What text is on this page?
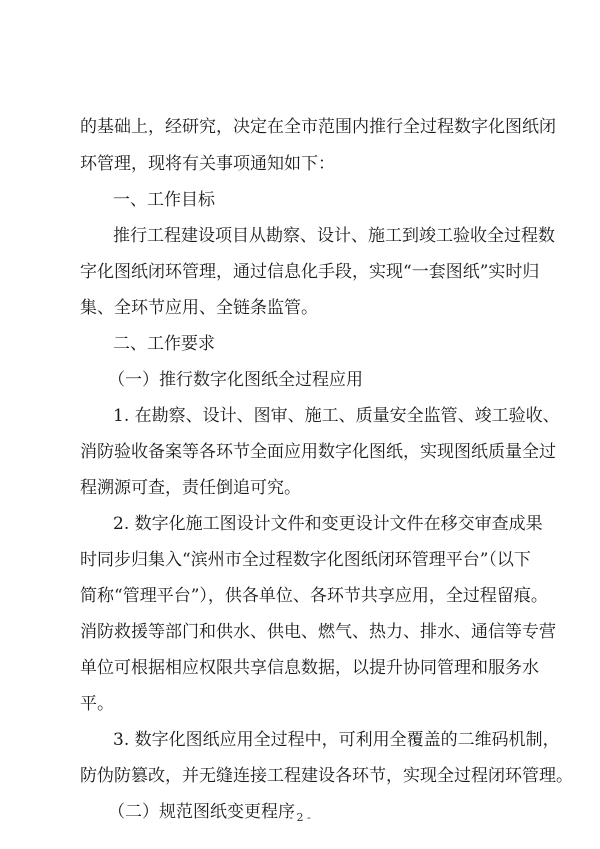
的基础上，经研究，决定在全市范围内推行全过程数字化图纸闭
环管理，现将有关事项通知如下：
一、工作目标
推行工程建设项目从勘察、设计、施工到竣工验收全过程数
字化图纸闭环管理，通过信息化手段，实现“一套图纸”实时归
集、全环节应用、全链条监管。
二、工作要求
（一）推行数字化图纸全过程应用
1. 在勘察、设计、图审、施工、质量安全监管、竣工验收、
消防验收备案等各环节全面应用数字化图纸，实现图纸质量全过
程溯源可查，责任倒追可究。
2. 数字化施工图设计文件和变更设计文件在移交审查成果
时同步归集入“滨州市全过程数字化图纸闭环管理平台”（以下
简称“管理平台”），供各单位、各环节共享应用，全过程留痕。
消防救援等部门和供水、供电、燃气、热力、排水、通信等专营
单位可根据相应权限共享信息数据，以提升协同管理和服务水
平。
3. 数字化图纸应用全过程中，可利用全覆盖的二维码机制，
防伪防篡改，并无缝连接工程建设各环节，实现全过程闭环管理。
（二）规范图纸变更程序
- 2 -
